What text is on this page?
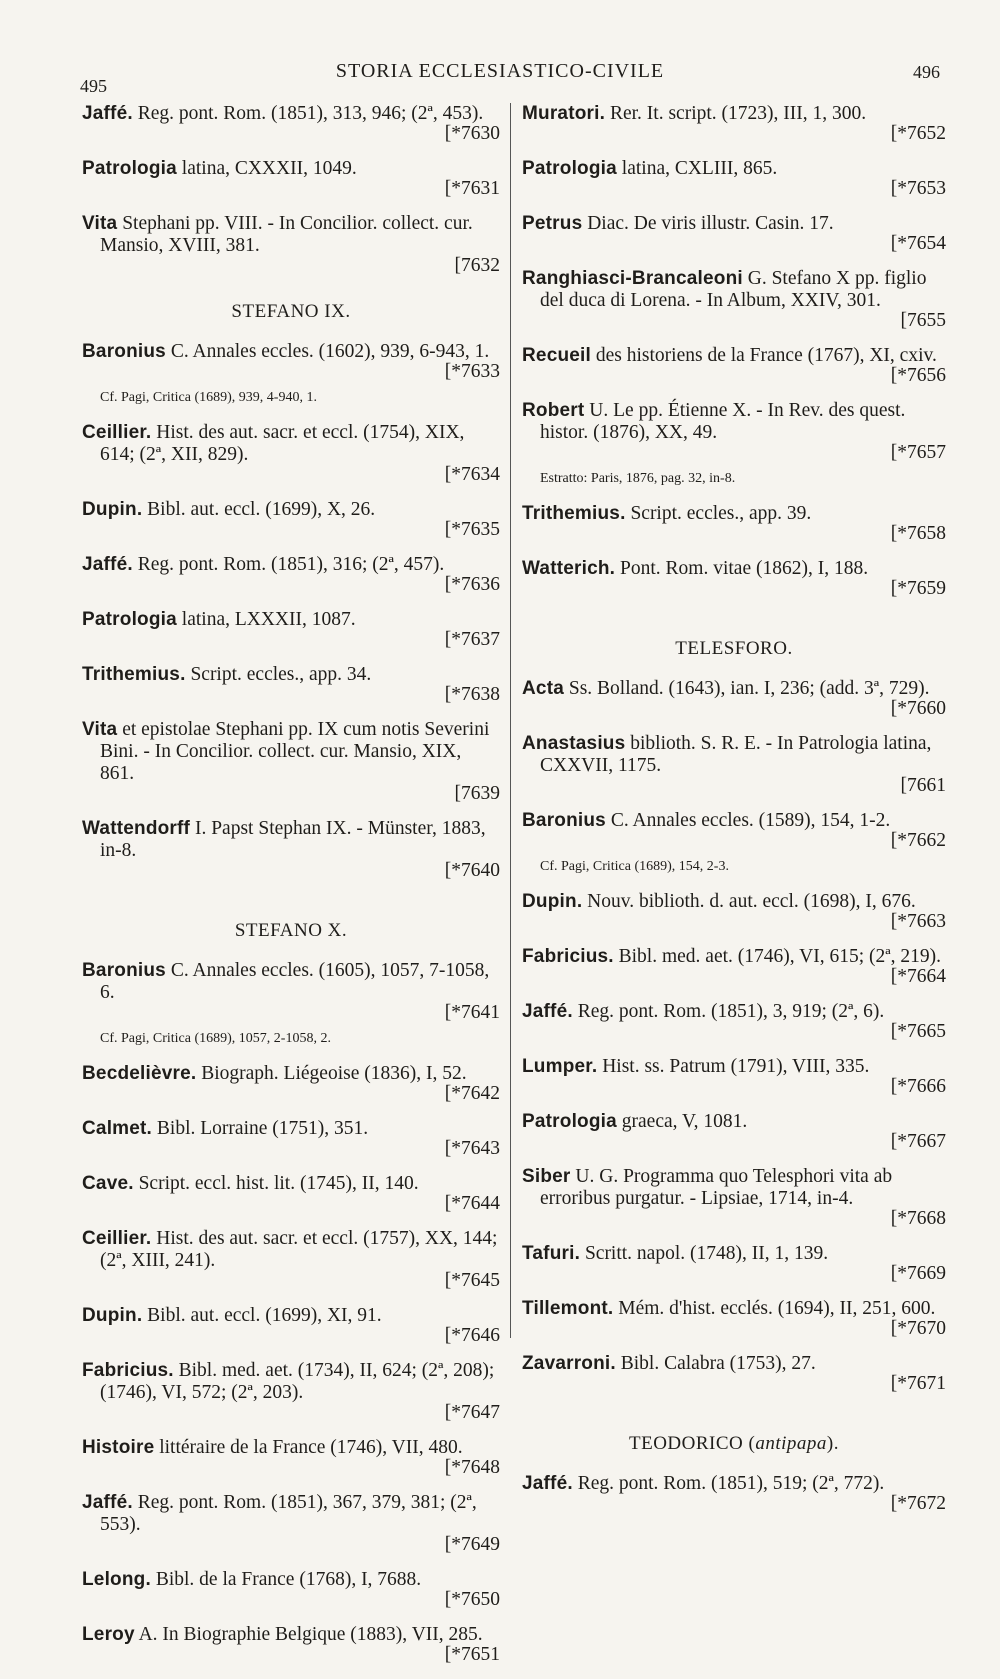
495
STORIA ECCLESIASTICO-CIVILE	496
Jaffé. Reg. pont. Rom. (1851), 313, 946; (2ª, 453).
[*7630
Patrologia latina, CXXXII, 1049.
[*7631
Vita Stephani pp. VIII. - In Concilior. collect. cur. Mansio, XVIII, 381.
[7632
STEFANO IX.
Baronius C. Annales eccles. (1602), 939, 6-943, 1.
[*7633
Cf. Pagi, Critica (1689), 939, 4-940, 1.
Ceillier. Hist. des aut. sacr. et eccl. (1754), XIX, 614; (2ª, XII, 829).
[*7634
Dupin. Bibl. aut. eccl. (1699), X, 26.
[*7635
Jaffé. Reg. pont. Rom. (1851), 316; (2ª, 457).
[*7636
Patrologia latina, LXXXII, 1087.
[*7637
Trithemius. Script. eccles., app. 34.
[*7638
Vita et epistolae Stephani pp. IX cum notis Severini Bini. - In Concilior. collect. cur. Mansio, XIX, 861.
[7639
Wattendorff I. Papst Stephan IX. - Münster, 1883, in-8.
[*7640
STEFANO X.
Baronius C. Annales eccles. (1605), 1057, 7-1058, 6.
[*7641
Cf. Pagi, Critica (1689), 1057, 2-1058, 2.
Becdelièvre. Biograph. Liégeoise (1836), I, 52.
[*7642
Calmet. Bibl. Lorraine (1751), 351.
[*7643
Cave. Script. eccl. hist. lit. (1745), II, 140.
[*7644
Ceillier. Hist. des aut. sacr. et eccl. (1757), XX, 144; (2ª, XIII, 241).
[*7645
Dupin. Bibl. aut. eccl. (1699), XI, 91.
[*7646
Fabricius. Bibl. med. aet. (1734), II, 624; (2ª, 208); (1746), VI, 572; (2ª, 203).
[*7647
Histoire littéraire de la France (1746), VII, 480.
[*7648
Jaffé. Reg. pont. Rom. (1851), 367, 379, 381; (2ª, 553).
[*7649
Lelong. Bibl. de la France (1768), I, 7688.
[*7650
Leroy A. In Biographie Belgique (1883), VII, 285.
[*7651
Muratori. Rer. It. script. (1723), III, 1, 300.
[*7652
Patrologia latina, CXLIII, 865.
[*7653
Petrus Diac. De viris illustr. Casin. 17.
[*7654
Ranghiasci-Brancaleoni G. Stefano X pp. figlio del duca di Lorena. - In Album, XXIV, 301.
[7655
Recueil des historiens de la France (1767), XI, cxiv.
[*7656
Robert U. Le pp. Étienne X. - In Rev. des quest. histor. (1876), XX, 49.
[*7657
Estratto: Paris, 1876, pag. 32, in-8.
Trithemius. Script. eccles., app. 39.
[*7658
Watterich. Pont. Rom. vitae (1862), I, 188.
[*7659
TELESFORO.
Acta Ss. Bolland. (1643), ian. I, 236; (add. 3ª, 729).
[*7660
Anastasius biblioth. S. R. E. - In Patrologia latina, CXXVII, 1175.
[7661
Baronius C. Annales eccles. (1589), 154, 1-2.
[*7662
Cf. Pagi, Critica (1689), 154, 2-3.
Dupin. Nouv. biblioth. d. aut. eccl. (1698), I, 676.
[*7663
Fabricius. Bibl. med. aet. (1746), VI, 615; (2ª, 219).
[*7664
Jaffé. Reg. pont. Rom. (1851), 3, 919; (2ª, 6).
[*7665
Lumper. Hist. ss. Patrum (1791), VIII, 335.
[*7666
Patrologia graeca, V, 1081.
[*7667
Siber U. G. Programma quo Telesphori vita ab erroribus purgatur. - Lipsiae, 1714, in-4.
[*7668
Tafuri. Scritt. napol. (1748), II, 1, 139.
[*7669
Tillemont. Mém. d'hist. ecclés. (1694), II, 251, 600.
[*7670
Zavarroni. Bibl. Calabra (1753), 27.
[*7671
TEODORICO (antipapa).
Jaffé. Reg. pont. Rom. (1851), 519; (2ª, 772).
[*7672
